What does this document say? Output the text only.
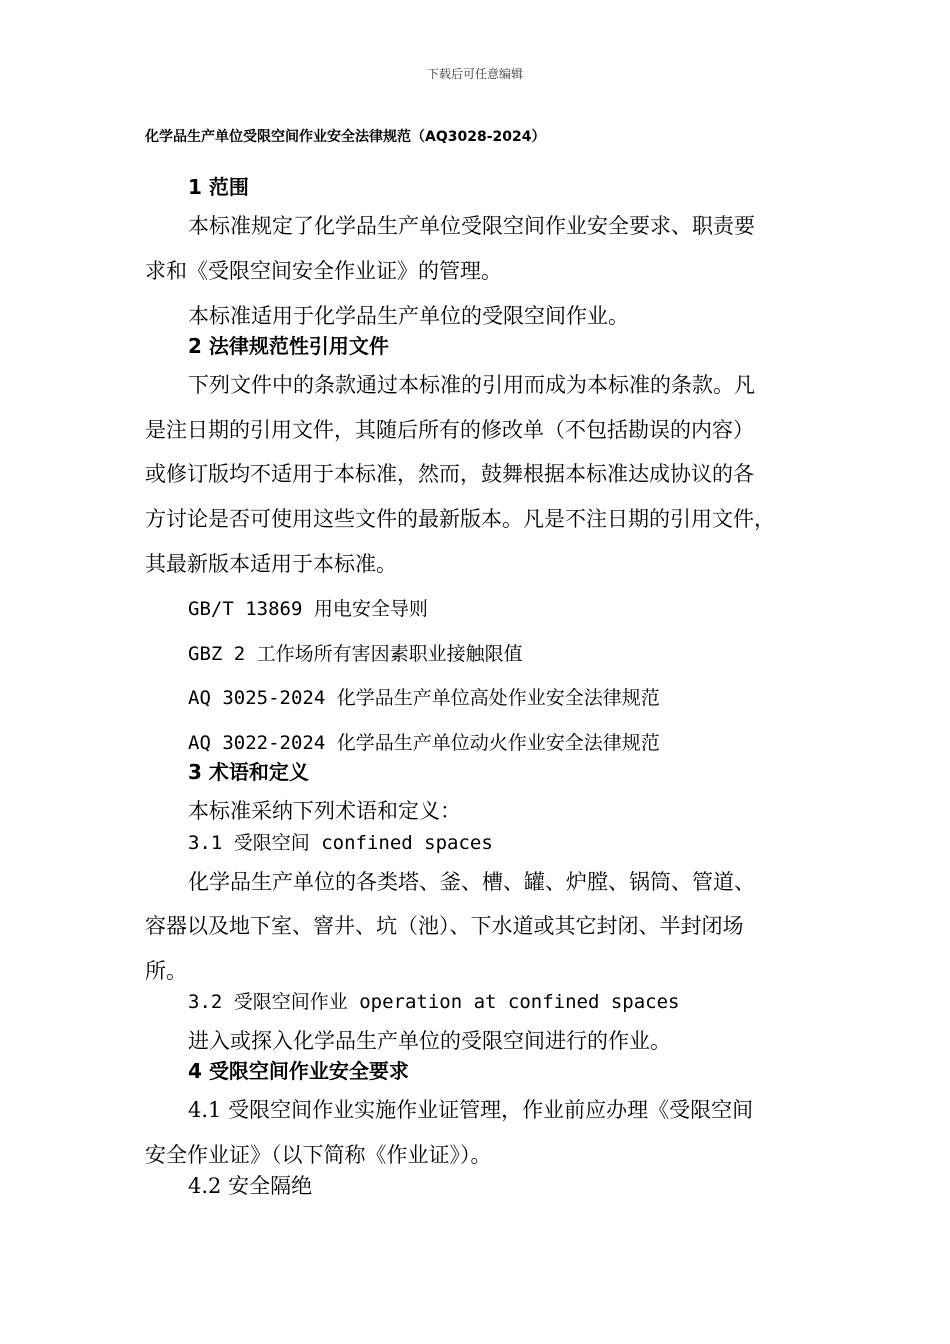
下载后可任意编辑
化学品生产单位受限空间作业安全法律规范（AQ3028-2024）
1 范围
本标准规定了化学品生产单位受限空间作业安全要求、职责要
求和《受限空间安全作业证》的管理。
本标准适用于化学品生产单位的受限空间作业。
2 法律规范性引用文件
下列文件中的条款通过本标准的引用而成为本标准的条款。凡
是注日期的引用文件，其随后所有的修改单（不包括勘误的内容）
或修订版均不适用于本标准，然而，鼓舞根据本标准达成协议的各
方讨论是否可使用这些文件的最新版本。凡是不注日期的引用文件，
其最新版本适用于本标准。
GB/T 13869 用电安全导则
GBZ 2 工作场所有害因素职业接触限值
AQ 3025-2024 化学品生产单位高处作业安全法律规范
AQ 3022-2024 化学品生产单位动火作业安全法律规范
3 术语和定义
本标准采纳下列术语和定义：
3.1 受限空间 confined spaces
化学品生产单位的各类塔、釜、槽、罐、炉膛、锅筒、管道、
容器以及地下室、窨井、坑（池）、下水道或其它封闭、半封闭场
所。
3.2 受限空间作业 operation at confined spaces
进入或探入化学品生产单位的受限空间进行的作业。
4 受限空间作业安全要求
4.1 受限空间作业实施作业证管理，作业前应办理《受限空间
安全作业证》（以下简称《作业证》）。
4.2 安全隔绝
